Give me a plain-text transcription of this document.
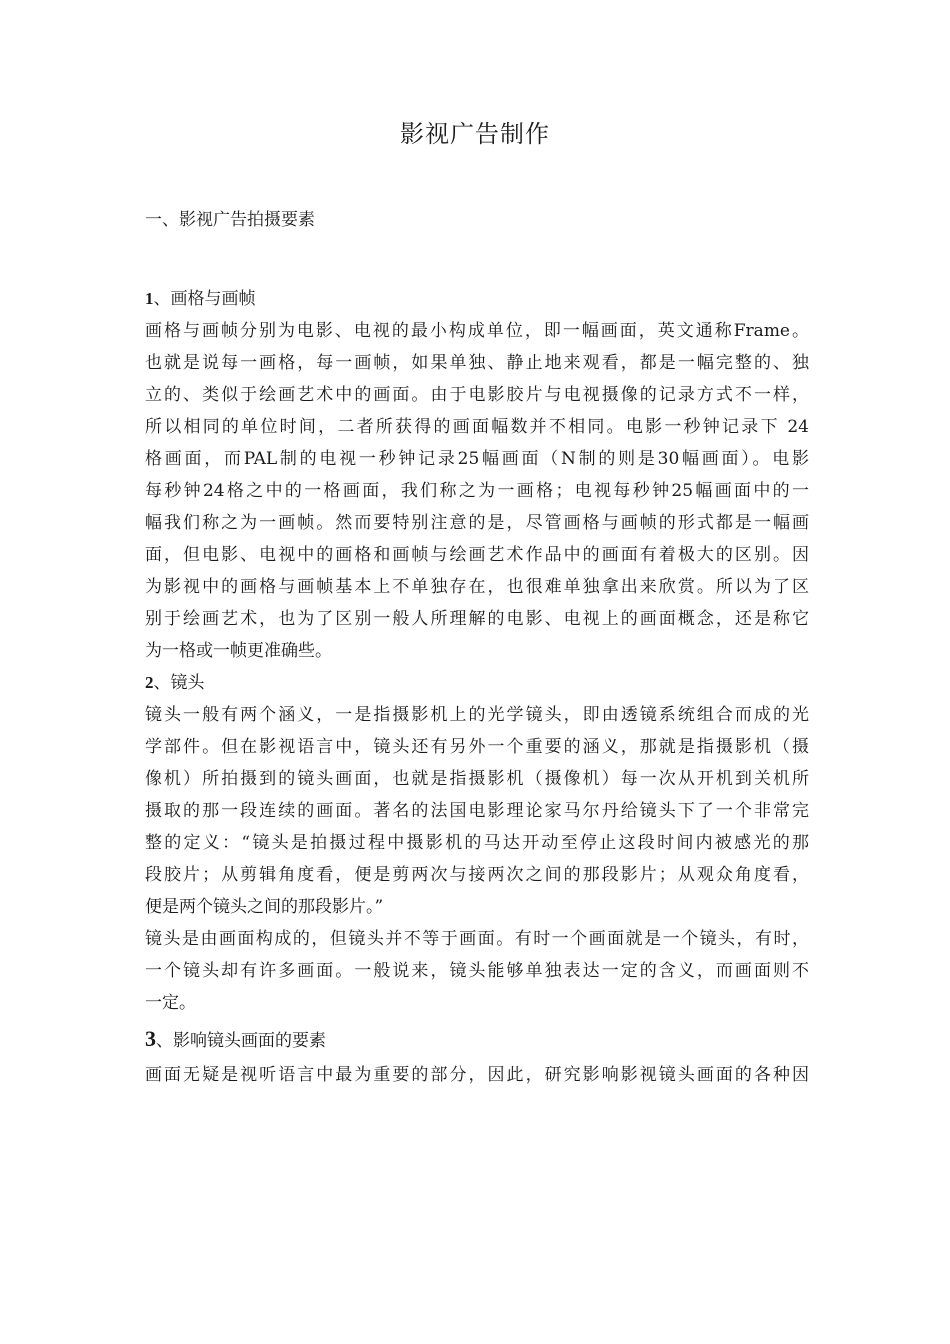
影视广告制作
一、影视广告拍摄要素
1、画格与画帧
画格与画帧分别为电影、电视的最小构成单位，即一幅画面，英文通称Frame。
也就是说每一画格，每一画帧，如果单独、静止地来观看，都是一幅完整的、独
立的、类似于绘画艺术中的画面。由于电影胶片与电视摄像的记录方式不一样，
所以相同的单位时间，二者所获得的画面幅数并不相同。电影一秒钟记录下 24
格画面，而PAL制的电视一秒钟记录25幅画面（N制的则是30幅画面）。电影
每秒钟24格之中的一格画面，我们称之为一画格；电视每秒钟25幅画面中的一
幅我们称之为一画帧。然而要特别注意的是，尽管画格与画帧的形式都是一幅画
面，但电影、电视中的画格和画帧与绘画艺术作品中的画面有着极大的区别。因
为影视中的画格与画帧基本上不单独存在，也很难单独拿出来欣赏。所以为了区
别于绘画艺术，也为了区别一般人所理解的电影、电视上的画面概念，还是称它
为一格或一帧更准确些。
2、镜头
镜头一般有两个涵义，一是指摄影机上的光学镜头，即由透镜系统组合而成的光
学部件。但在影视语言中，镜头还有另外一个重要的涵义，那就是指摄影机（摄
像机）所拍摄到的镜头画面，也就是指摄影机（摄像机）每一次从开机到关机所
摄取的那一段连续的画面。著名的法国电影理论家马尔丹给镜头下了一个非常完
整的定义：“镜头是拍摄过程中摄影机的马达开动至停止这段时间内被感光的那
段胶片；从剪辑角度看，便是剪两次与接两次之间的那段影片；从观众角度看，
便是两个镜头之间的那段影片。”
镜头是由画面构成的，但镜头并不等于画面。有时一个画面就是一个镜头，有时，
一个镜头却有许多画面。一般说来，镜头能够单独表达一定的含义，而画面则不
一定。
3、影响镜头画面的要素
画面无疑是视听语言中最为重要的部分，因此，研究影响影视镜头画面的各种因
